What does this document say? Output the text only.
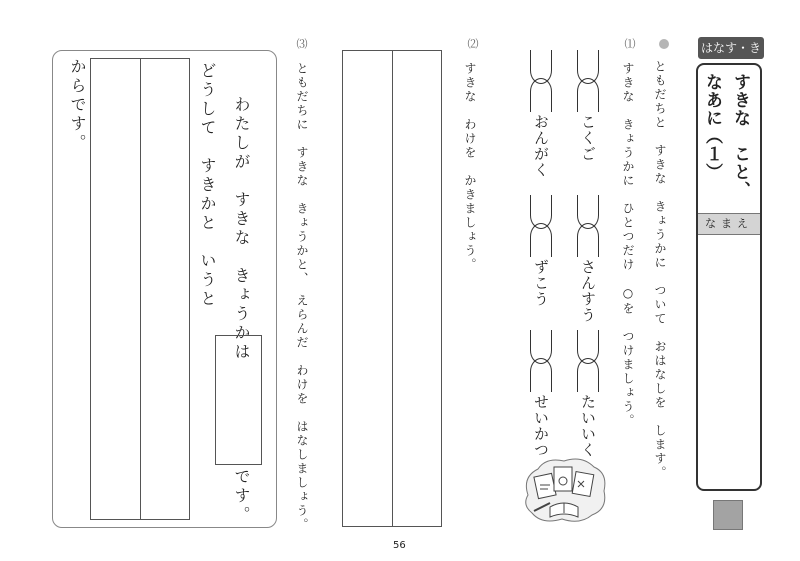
はなす・きく
すきな　こと、
なあに（１）
なまえ
ともだちと　すきな　きょうかに　ついて　おはなしを　します。
⑴
すきな　きょうかに　ひとつだけ　○を　つけましょう。
こくご
さんすう
たいいく
おんがく
ずこう
せいかつ
⑵
すきな　わけを　かきましょう。
⑶
ともだちに　すきな　きょうかと、　えらんだ　わけを　はなしましょう。
わたしが　すきな　きょうかは
です。
どうして　すきかと　いうと
からです。
56
